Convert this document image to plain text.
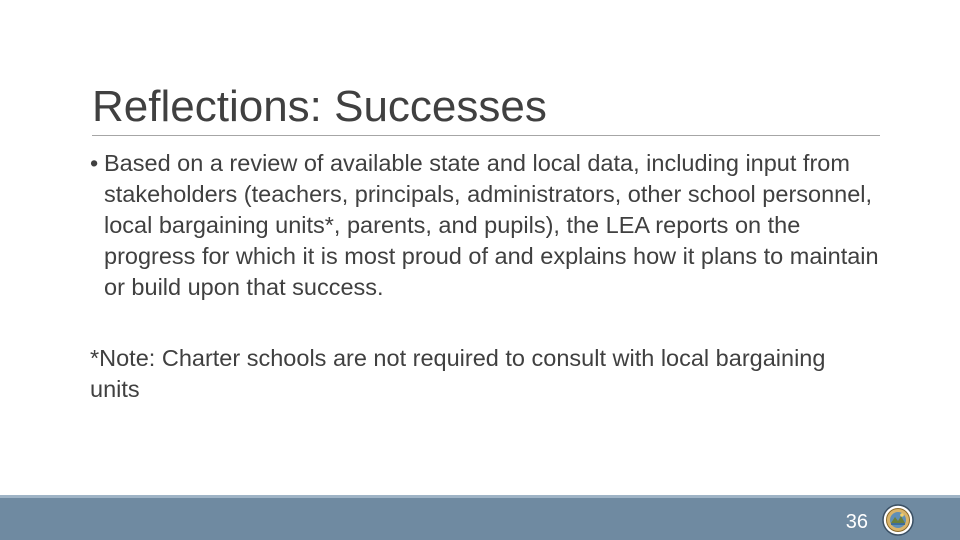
Reflections: Successes
• Based on a review of available state and local data, including input from stakeholders (teachers, principals, administrators, other school personnel, local bargaining units*, parents, and pupils), the LEA reports on the progress for which it is most proud of and explains how it plans to maintain or build upon that success.
*Note: Charter schools are not required to consult with local bargaining units
36
